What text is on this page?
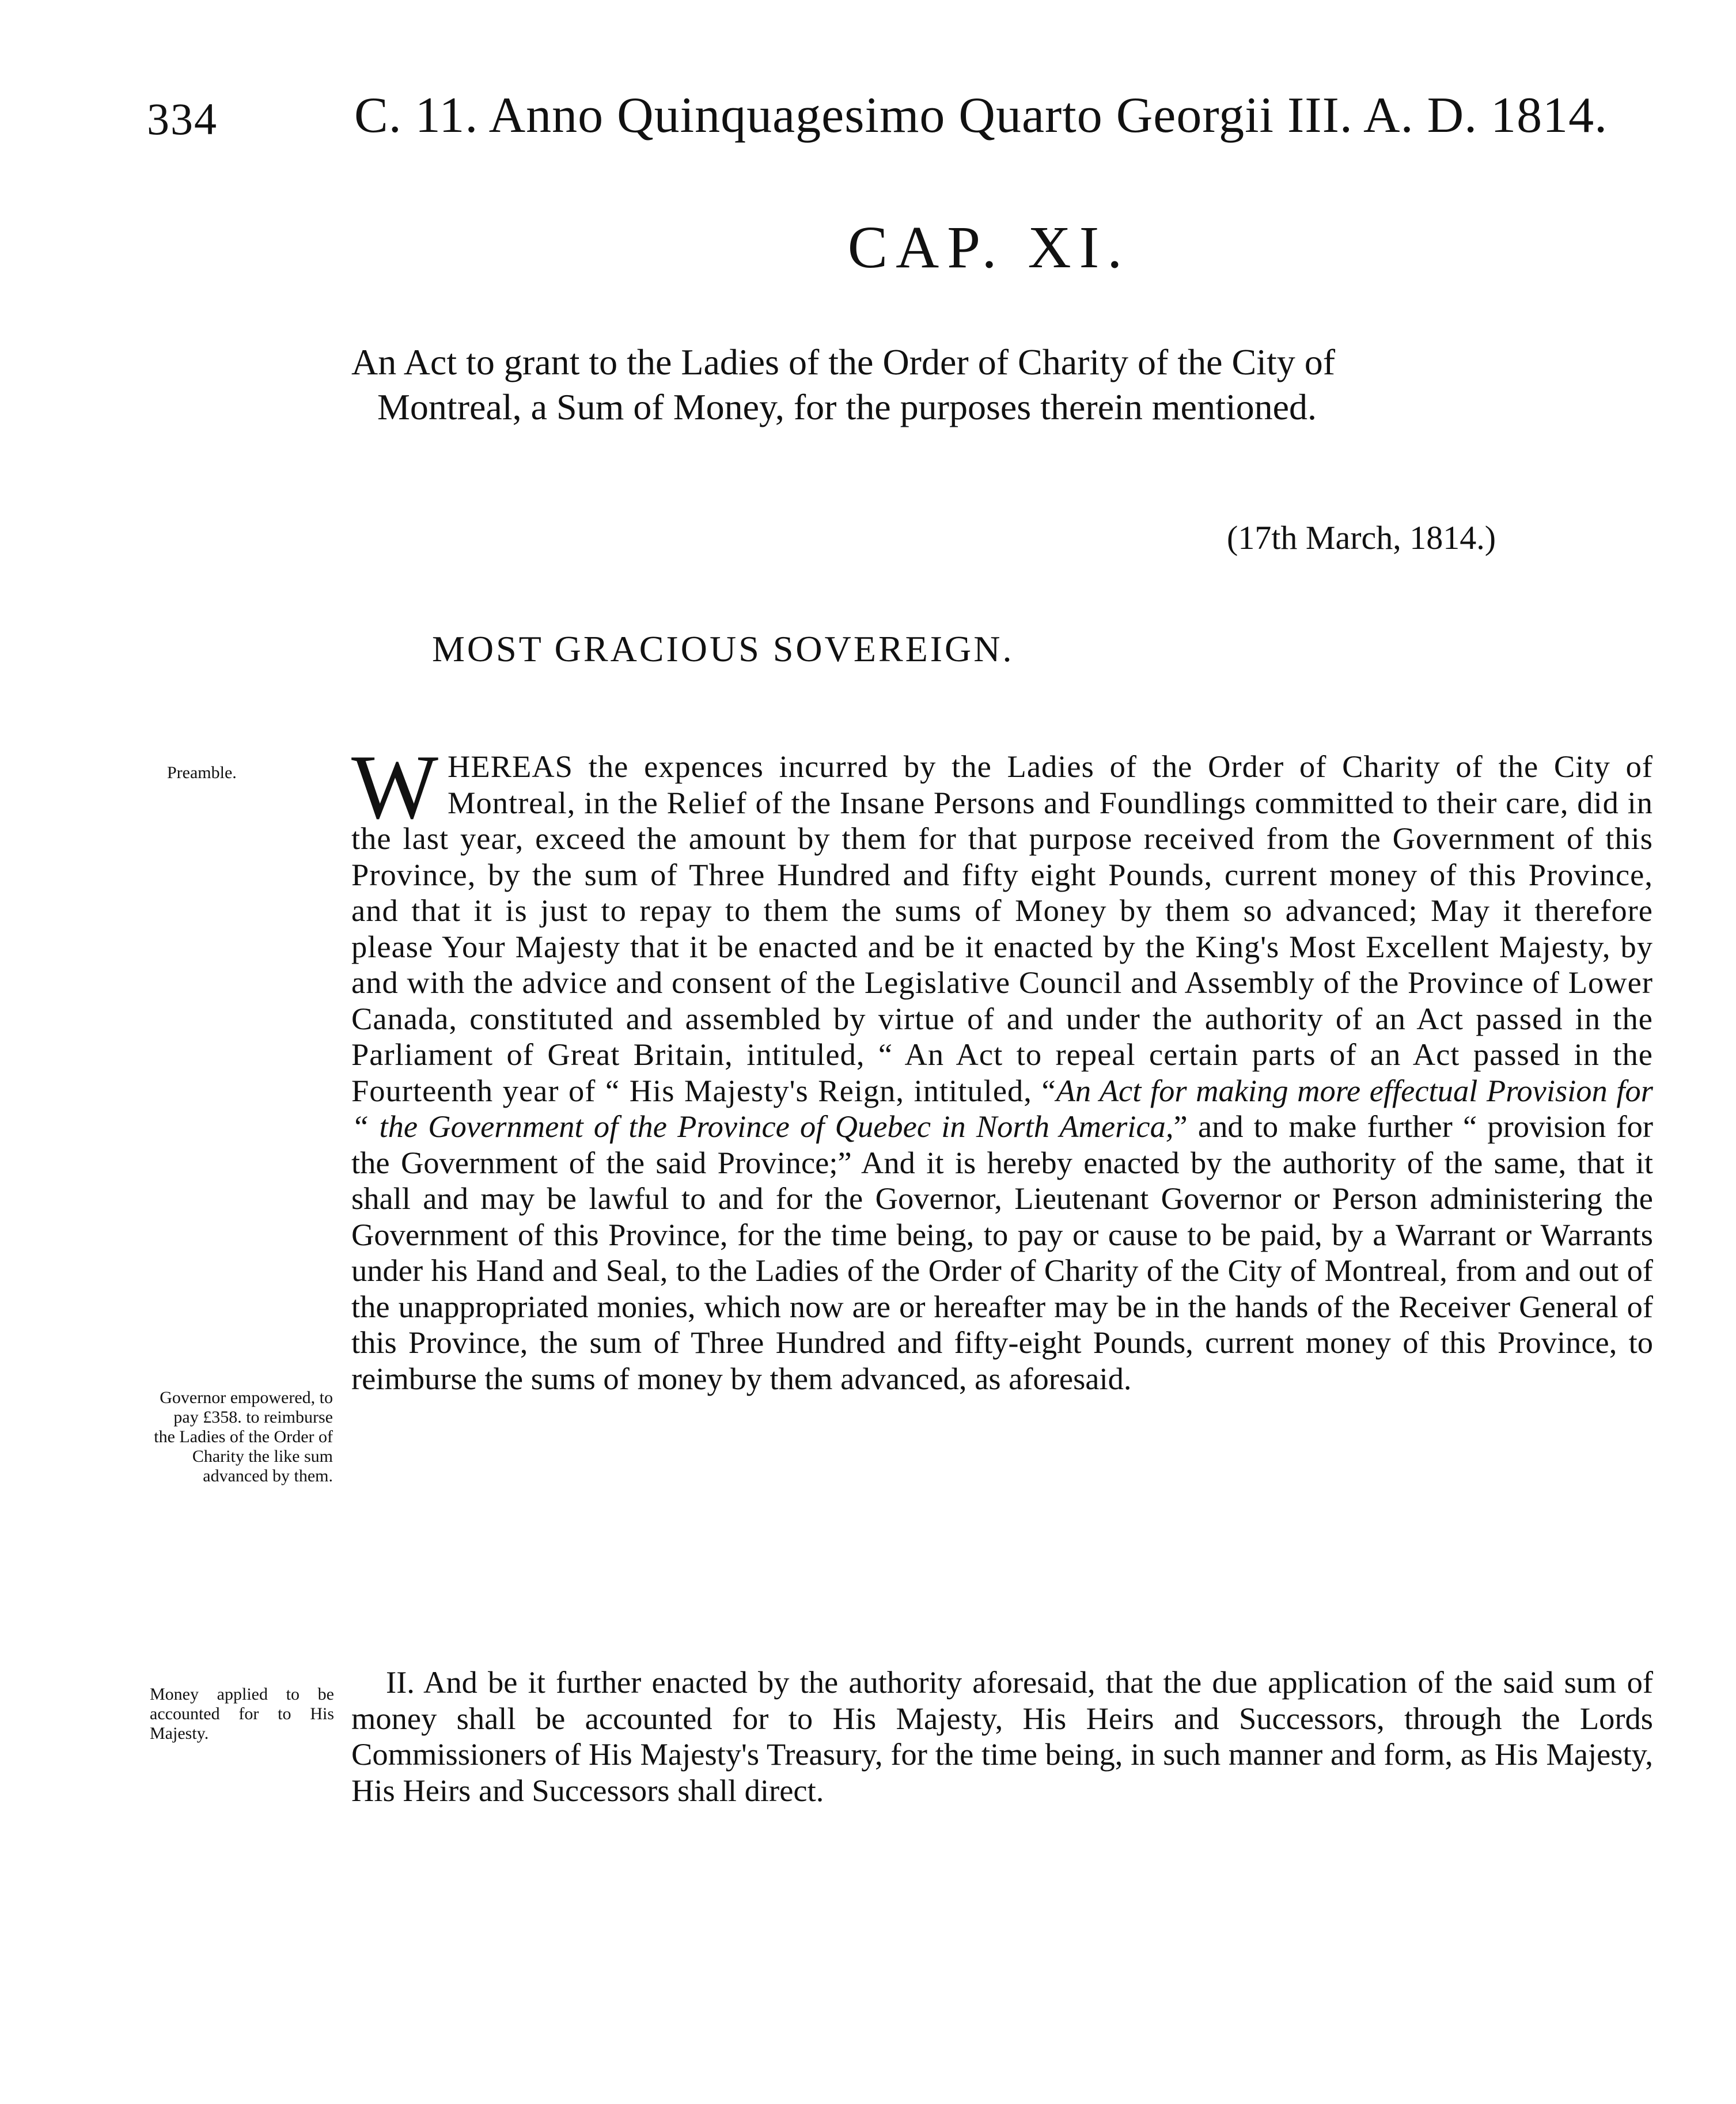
334	C. 11. Anno Quinquagesimo Quarto Georgii III. A. D. 1814.
CAP. XI.
An Act to grant to the Ladies of the Order of Charity of the City of
Montreal, a Sum of Money, for the purposes therein mentioned.
(17th March, 1814.)
MOST GRACIOUS SOVEREIGN.
Preamble.
Governor empowered, to pay £358. to reimburse the Ladies of the Order of Charity the like sum advanced by them.
Money applied to be accounted for to His Majesty.
WHEREAS the expences incurred by the Ladies of the Order of Charity of the City of Montreal, in the Relief of the Insane Persons and Foundlings committed to their care, did in the last year, exceed the amount by them for that purpose received from the Government of this Province, by the sum of Three Hundred and fifty eight Pounds, current money of this Province, and that it is just to repay to them the sums of Money by them so advanced; May it therefore please Your Majesty that it be enacted and be it enacted by the King's Most Excellent Majesty, by and with the advice and consent of the Legislative Council and Assembly of the Province of Lower Canada, constituted and assembled by virtue of and under the authority of an Act passed in the Parliament of Great Britain, intituled, “ An Act to repeal certain parts of an Act passed in the Fourteenth year of “ His Majesty's Reign, intituled, “An Act for making more effectual Provision for “ the Government of the Province of Quebec in North America,” and to make further “ provision for the Government of the said Province;” And it is hereby enacted by the authority of the same, that it shall and may be lawful to and for the Governor, Lieutenant Governor or Person administering the Government of this Province, for the time being, to pay or cause to be paid, by a Warrant or Warrants under his Hand and Seal, to the Ladies of the Order of Charity of the City of Montreal, from and out of the unappropriated monies, which now are or hereafter may be in the hands of the Receiver General of this Province, the sum of Three Hundred and fifty-eight Pounds, current money of this Province, to reimburse the sums of money by them advanced, as aforesaid.
II. And be it further enacted by the authority aforesaid, that the due application of the said sum of money shall be accounted for to His Majesty, His Heirs and Successors, through the Lords Commissioners of His Majesty's Treasury, for the time being, in such manner and form, as His Majesty, His Heirs and Successors shall direct.
